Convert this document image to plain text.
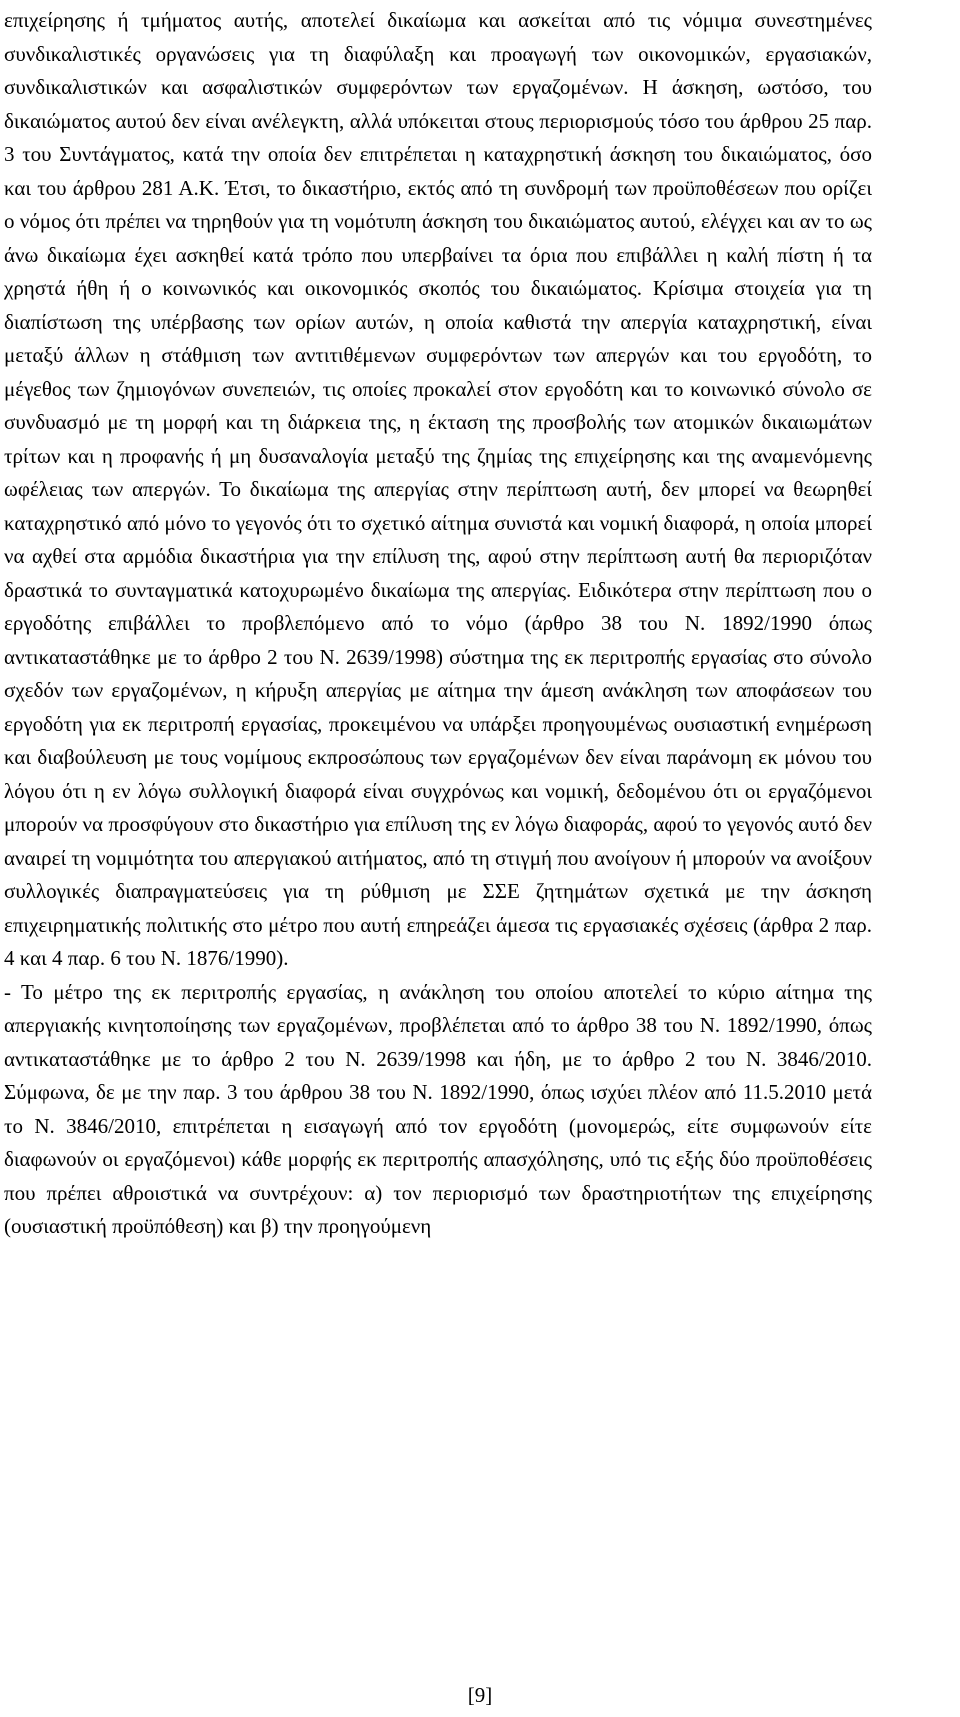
επιχείρησης ή τμήματος αυτής, αποτελεί δικαίωμα και ασκείται από τις νόμιμα συνεστημένες συνδικαλιστικές οργανώσεις για τη διαφύλαξη και προαγωγή των οικονομικών, εργασιακών, συνδικαλιστικών και ασφαλιστικών συμφερόντων των εργαζομένων. Η άσκηση, ωστόσο, του δικαιώματος αυτού δεν είναι ανέλεγκτη, αλλά υπόκειται στους περιορισμούς τόσο του άρθρου 25 παρ. 3 του Συντάγματος, κατά την οποία δεν επιτρέπεται η καταχρηστική άσκηση του δικαιώματος, όσο και του άρθρου 281 Α.Κ. Έτσι, το δικαστήριο, εκτός από τη συνδρομή των προϋποθέσεων που ορίζει ο νόμος ότι πρέπει να τηρηθούν για τη νομότυπη άσκηση του δικαιώματος αυτού, ελέγχει και αν το ως άνω δικαίωμα έχει ασκηθεί κατά τρόπο που υπερβαίνει τα όρια που επιβάλλει η καλή πίστη ή τα χρηστά ήθη ή ο κοινωνικός και οικονομικός σκοπός του δικαιώματος. Κρίσιμα στοιχεία για τη διαπίστωση της υπέρβασης των ορίων αυτών, η οποία καθιστά την απεργία καταχρηστική, είναι μεταξύ άλλων η στάθμιση των αντιτιθέμενων συμφερόντων των απεργών και του εργοδότη, το μέγεθος των ζημιογόνων συνεπειών, τις οποίες προκαλεί στον εργοδότη και το κοινωνικό σύνολο σε συνδυασμό με τη μορφή και τη διάρκεια της, η έκταση της προσβολής των ατομικών δικαιωμάτων τρίτων και η προφανής ή μη δυσαναλογία μεταξύ της ζημίας της επιχείρησης και της αναμενόμενης ωφέλειας των απεργών. Το δικαίωμα της απεργίας στην περίπτωση αυτή, δεν μπορεί να θεωρηθεί καταχρηστικό από μόνο το γεγονός ότι το σχετικό αίτημα συνιστά και νομική διαφορά, η οποία μπορεί να αχθεί στα αρμόδια δικαστήρια για την επίλυση της, αφού στην περίπτωση αυτή θα περιοριζόταν δραστικά το συνταγματικά κατοχυρωμένο δικαίωμα της απεργίας. Ειδικότερα στην περίπτωση που ο εργοδότης επιβάλλει το προβλεπόμενο από το νόμο (άρθρο 38 του Ν. 1892/1990 όπως αντικαταστάθηκε με το άρθρο 2 του Ν. 2639/1998) σύστημα της εκ περιτροπής εργασίας στο σύνολο σχεδόν των εργαζομένων, η κήρυξη απεργίας με αίτημα την άμεση ανάκληση των αποφάσεων του εργοδότη για εκ περιτροπή εργασίας, προκειμένου να υπάρξει προηγουμένως ουσιαστική ενημέρωση και διαβούλευση με τους νομίμους εκπροσώπους των εργαζομένων δεν είναι παράνομη εκ μόνου του λόγου ότι η εν λόγω συλλογική διαφορά είναι συγχρόνως και νομική, δεδομένου ότι οι εργαζόμενοι μπορούν να προσφύγουν στο δικαστήριο για επίλυση της εν λόγω διαφοράς, αφού το γεγονός αυτό δεν αναιρεί τη νομιμότητα του απεργιακού αιτήματος, από τη στιγμή που ανοίγουν ή μπορούν να ανοίξουν συλλογικές διαπραγματεύσεις για τη ρύθμιση με ΣΣΕ ζητημάτων σχετικά με την άσκηση επιχειρηματικής πολιτικής στο μέτρο που αυτή επηρεάζει άμεσα τις εργασιακές σχέσεις (άρθρα 2 παρ. 4 και 4 παρ. 6 του Ν. 1876/1990).

- Το μέτρο της εκ περιτροπής εργασίας, η ανάκληση του οποίου αποτελεί το κύριο αίτημα της απεργιακής κινητοποίησης των εργαζομένων, προβλέπεται από το άρθρο 38 του Ν. 1892/1990, όπως αντικαταστάθηκε με το άρθρο 2 του Ν. 2639/1998 και ήδη, με το άρθρο 2 του Ν. 3846/2010. Σύμφωνα, δε με την παρ. 3 του άρθρου 38 του Ν. 1892/1990, όπως ισχύει πλέον από 11.5.2010 μετά το Ν. 3846/2010, επιτρέπεται η εισαγωγή από τον εργοδότη (μονομερώς, είτε συμφωνούν είτε διαφωνούν οι εργαζόμενοι) κάθε μορφής εκ περιτροπής απασχόλησης, υπό τις εξής δύο προϋποθέσεις που πρέπει αθροιστικά να συντρέχουν: α) τον περιορισμό των δραστηριοτήτων της επιχείρησης (ουσιαστική προϋπόθεση) και β) την προηγούμενη

[9]
